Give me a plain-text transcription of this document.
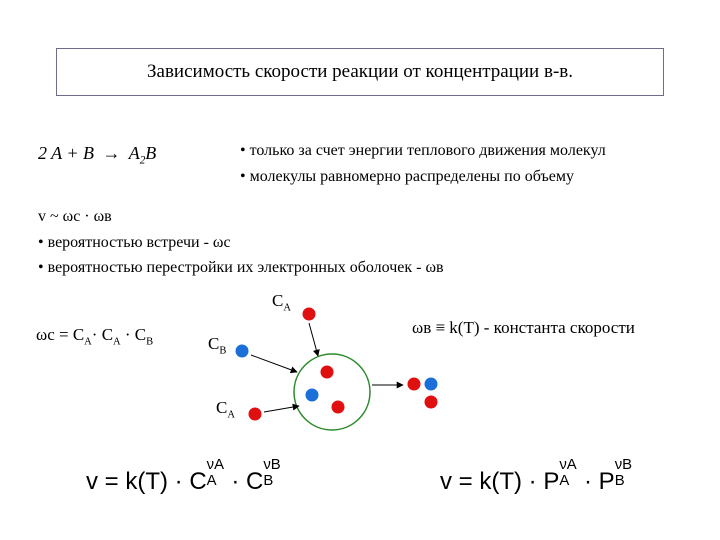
Зависимость скорости реакции от концентрации в-в.
2 $A + B \to A_2B$	• только за счет энергии теплового движения молекул
• молекулы равномерно распределены по объему
v ~ ωc · ωв
• вероятностью встречи - ωc
• вероятностью перестройки их электронных оболочек - ωв
$\omega c = C_A\cdot C_A \cdot C_B$
ωв ≡ k(T) - константа скорости
$C_A$
$C_B$
$C_A$
v = k(T) · C
νA
A · C
νB
B	v = k(T) · P
νA
A · P
νB
B
